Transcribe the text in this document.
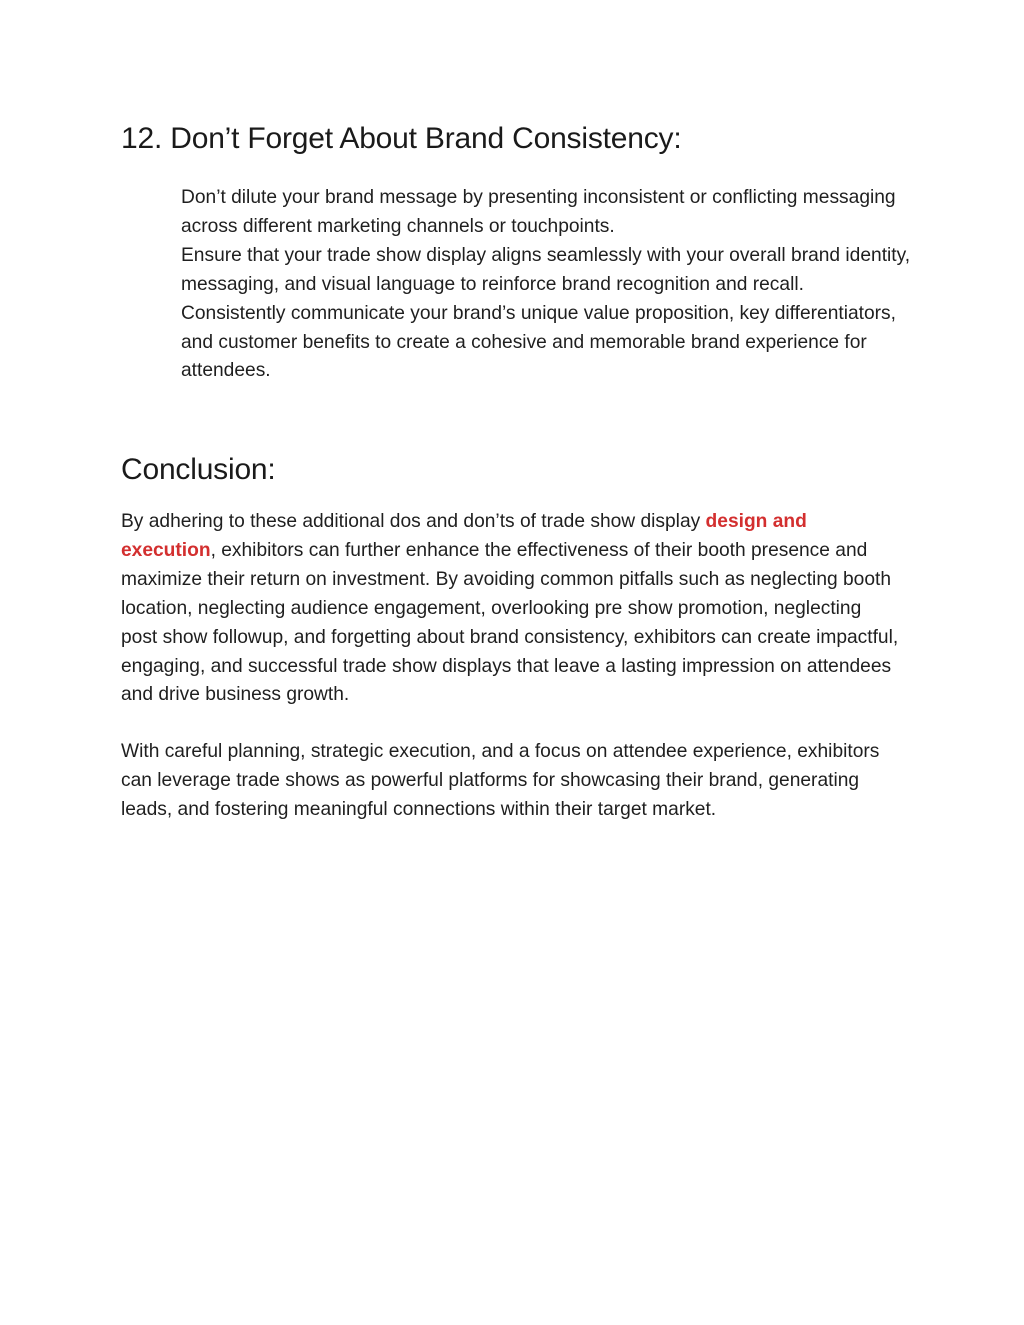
12. Don’t Forget About Brand Consistency:

Don’t dilute your brand message by presenting inconsistent or conflicting messaging across different marketing channels or touchpoints.

Ensure that your trade show display aligns seamlessly with your overall brand identity, messaging, and visual language to reinforce brand recognition and recall.

Consistently communicate your brand’s unique value proposition, key differentiators, and customer benefits to create a cohesive and memorable brand experience for attendees.

Conclusion:

By adhering to these additional dos and don’ts of trade show display design and execution, exhibitors can further enhance the effectiveness of their booth presence and maximize their return on investment. By avoiding common pitfalls such as neglecting booth location, neglecting audience engagement, overlooking pre show promotion, neglecting post show followup, and forgetting about brand consistency, exhibitors can create impactful, engaging, and successful trade show displays that leave a lasting impression on attendees and drive business growth.

With careful planning, strategic execution, and a focus on attendee experience, exhibitors can leverage trade shows as powerful platforms for showcasing their brand, generating leads, and fostering meaningful connections within their target market.
